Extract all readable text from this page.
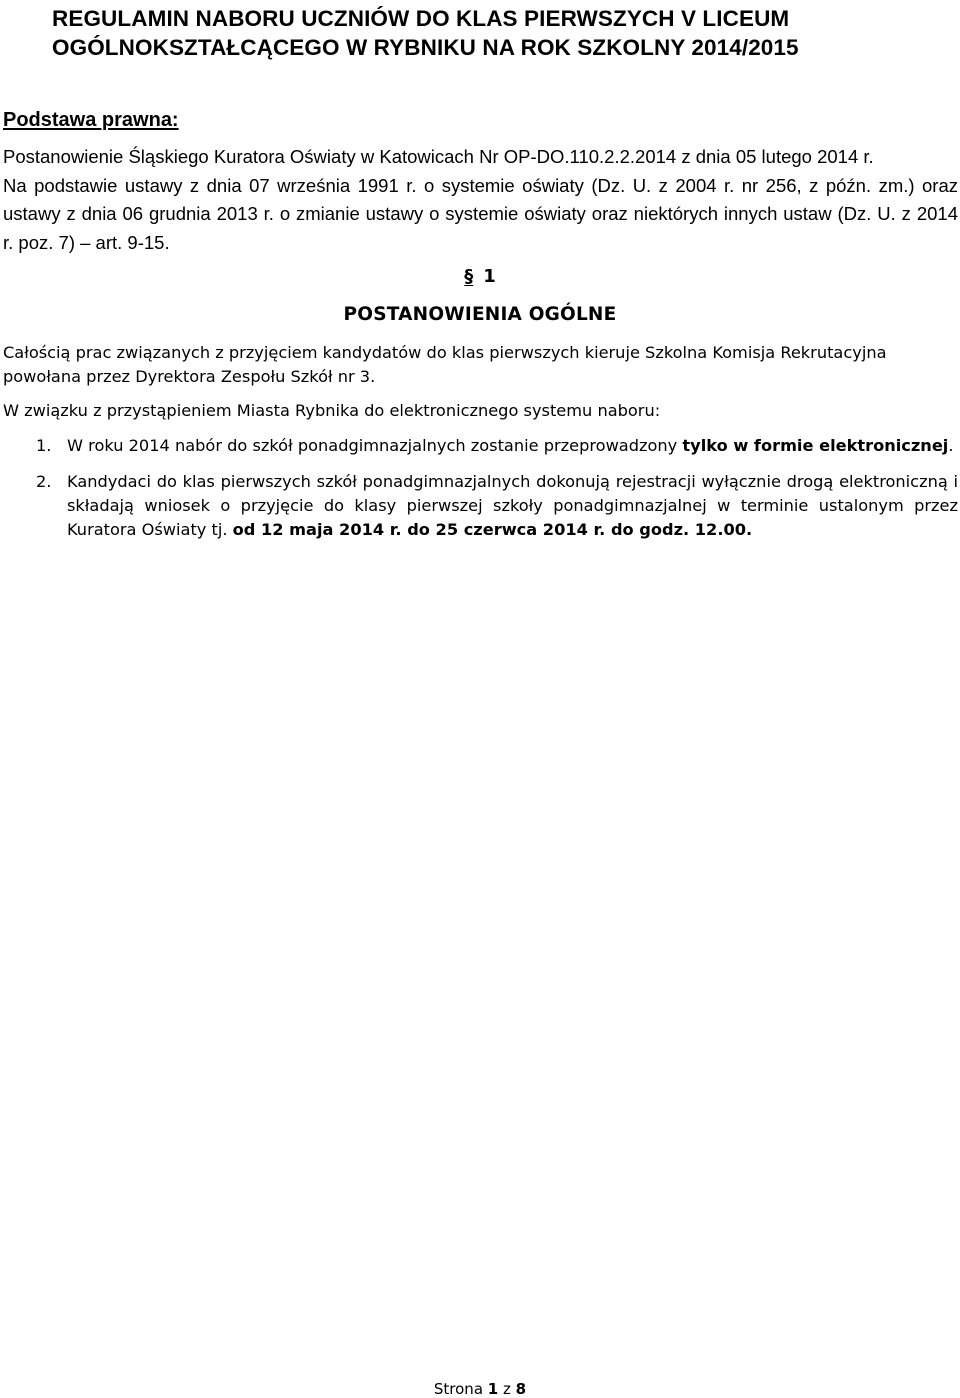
REGULAMIN NABORU UCZNIÓW DO KLAS PIERWSZYCH V LICEUM OGÓLNOKSZTAŁCĄCEGO W RYBNIKU NA ROK SZKOLNY 2014/2015
Podstawa prawna:

Postanowienie Śląskiego Kuratora Oświaty w Katowicach Nr OP-DO.110.2.2.2014 z dnia 05 lutego 2014 r.

Na podstawie ustawy z dnia 07 września 1991 r. o systemie oświaty (Dz. U. z 2004 r. nr 256, z późn. zm.) oraz ustawy z dnia 06 grudnia 2013 r. o zmianie ustawy o systemie oświaty oraz niektórych innych ustaw (Dz. U. z 2014 r. poz. 7) – art. 9-15.

§ 1
POSTANOWIENIA OGÓLNE

Całością prac związanych z przyjęciem kandydatów do klas pierwszych kieruje Szkolna Komisja Rekrutacyjna powołana przez Dyrektora Zespołu Szkół nr 3.

W związku z przystąpieniem Miasta Rybnika do elektronicznego systemu naboru:

1. W roku 2014 nabór do szkół ponadgimnazjalnych zostanie przeprowadzony tylko w formie elektronicznej.
2. Kandydaci do klas pierwszych szkół ponadgimnazjalnych dokonują rejestracji wyłącznie drogą elektroniczną i składają wniosek o przyjęcie do klasy pierwszej szkoły ponadgimnazjalnej w terminie ustalonym przez Kuratora Oświaty tj. od 12 maja 2014 r. do 25 czerwca 2014 r. do godz. 12.00.
Strona 1 z 8
